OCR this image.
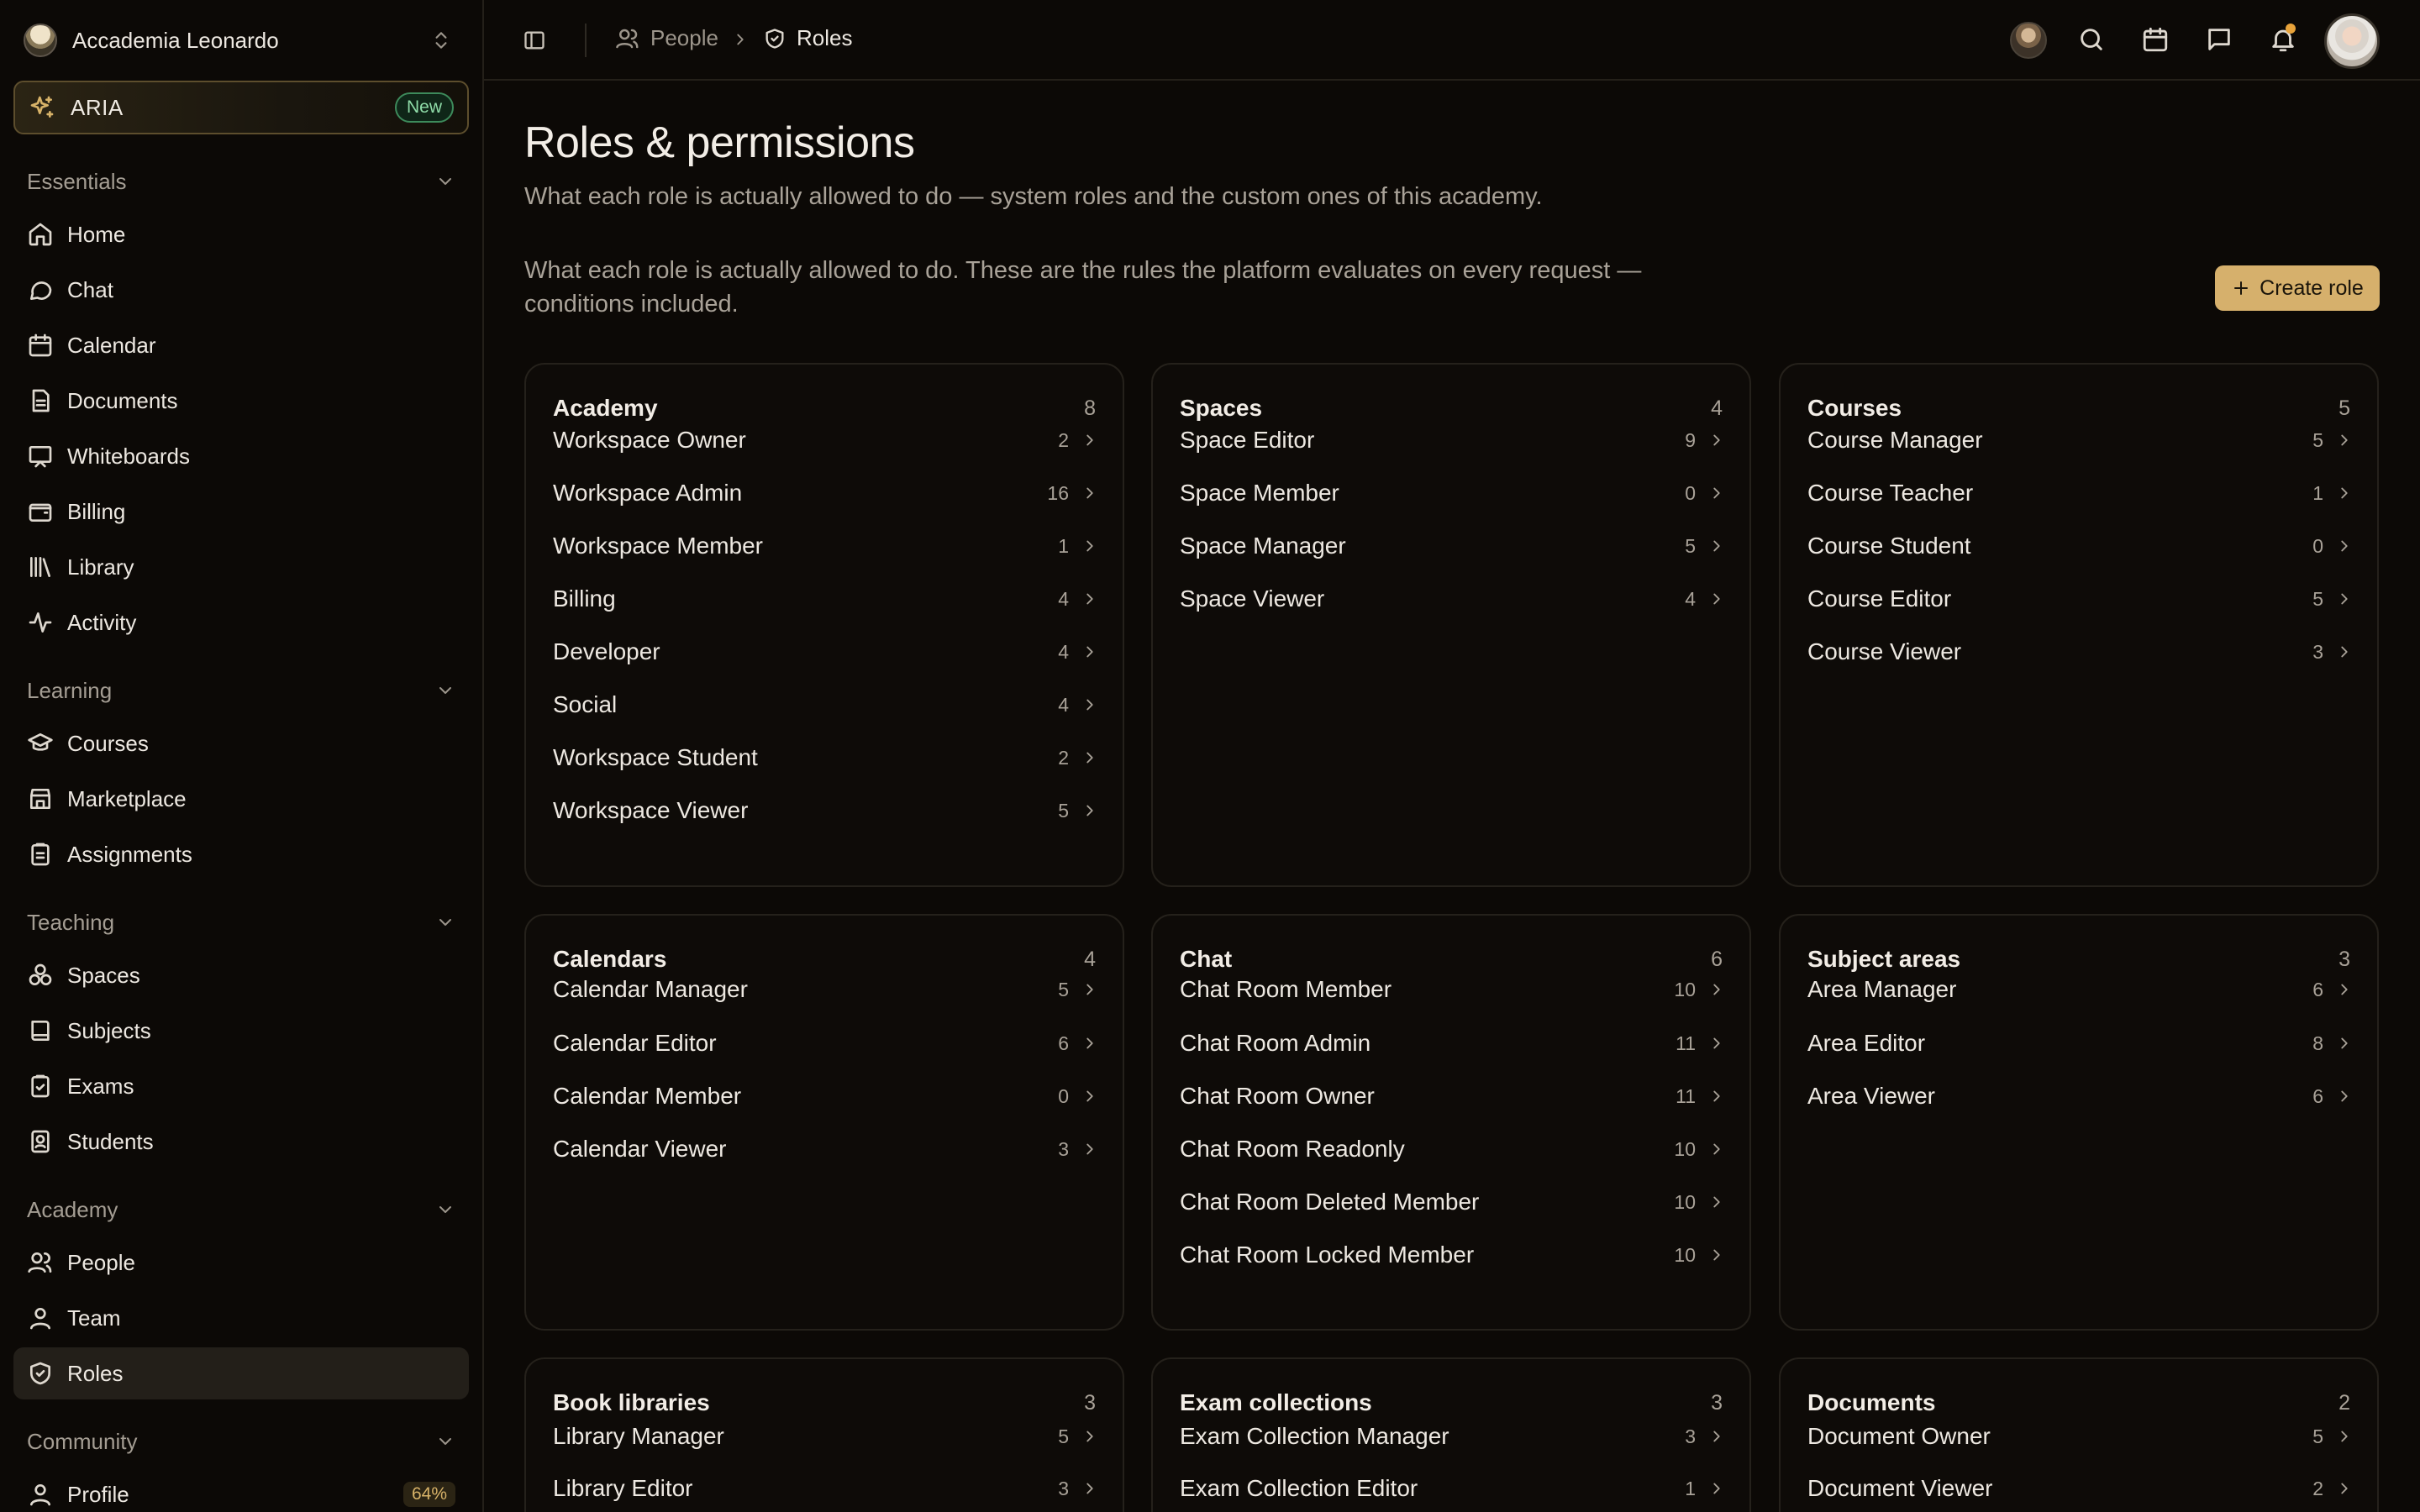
Accademia Leonardo
ARIA	New
Essentials
Home
Chat
Calendar
Documents
Whiteboards
Billing
Library
Activity
Learning
Courses
Marketplace
Assignments
Teaching
Spaces
Subjects
Exams
Students
Academy
People
Team
Roles
Community
Profile	64%
People	Roles
Roles & permissions
What each role is actually allowed to do — system roles and the custom ones of this academy.
What each role is actually allowed to do. These are the rules the platform evaluates on every request — conditions included.
Create role
Academy	8
Workspace Owner	2
Workspace Admin	16
Workspace Member	1
Billing	4
Developer	4
Social	4
Workspace Student	2
Workspace Viewer	5
Spaces	4
Space Editor	9
Space Member	0
Space Manager	5
Space Viewer	4
Courses	5
Course Manager	5
Course Teacher	1
Course Student	0
Course Editor	5
Course Viewer	3
Calendars	4
Calendar Manager	5
Calendar Editor	6
Calendar Member	0
Calendar Viewer	3
Chat	6
Chat Room Member	10
Chat Room Admin	11
Chat Room Owner	11
Chat Room Readonly	10
Chat Room Deleted Member	10
Chat Room Locked Member	10
Subject areas	3
Area Manager	6
Area Editor	8
Area Viewer	6
Book libraries	3
Library Manager	5
Library Editor	3
Exam collections	3
Exam Collection Manager	3
Exam Collection Editor	1
Documents	2
Document Owner	5
Document Viewer	2
